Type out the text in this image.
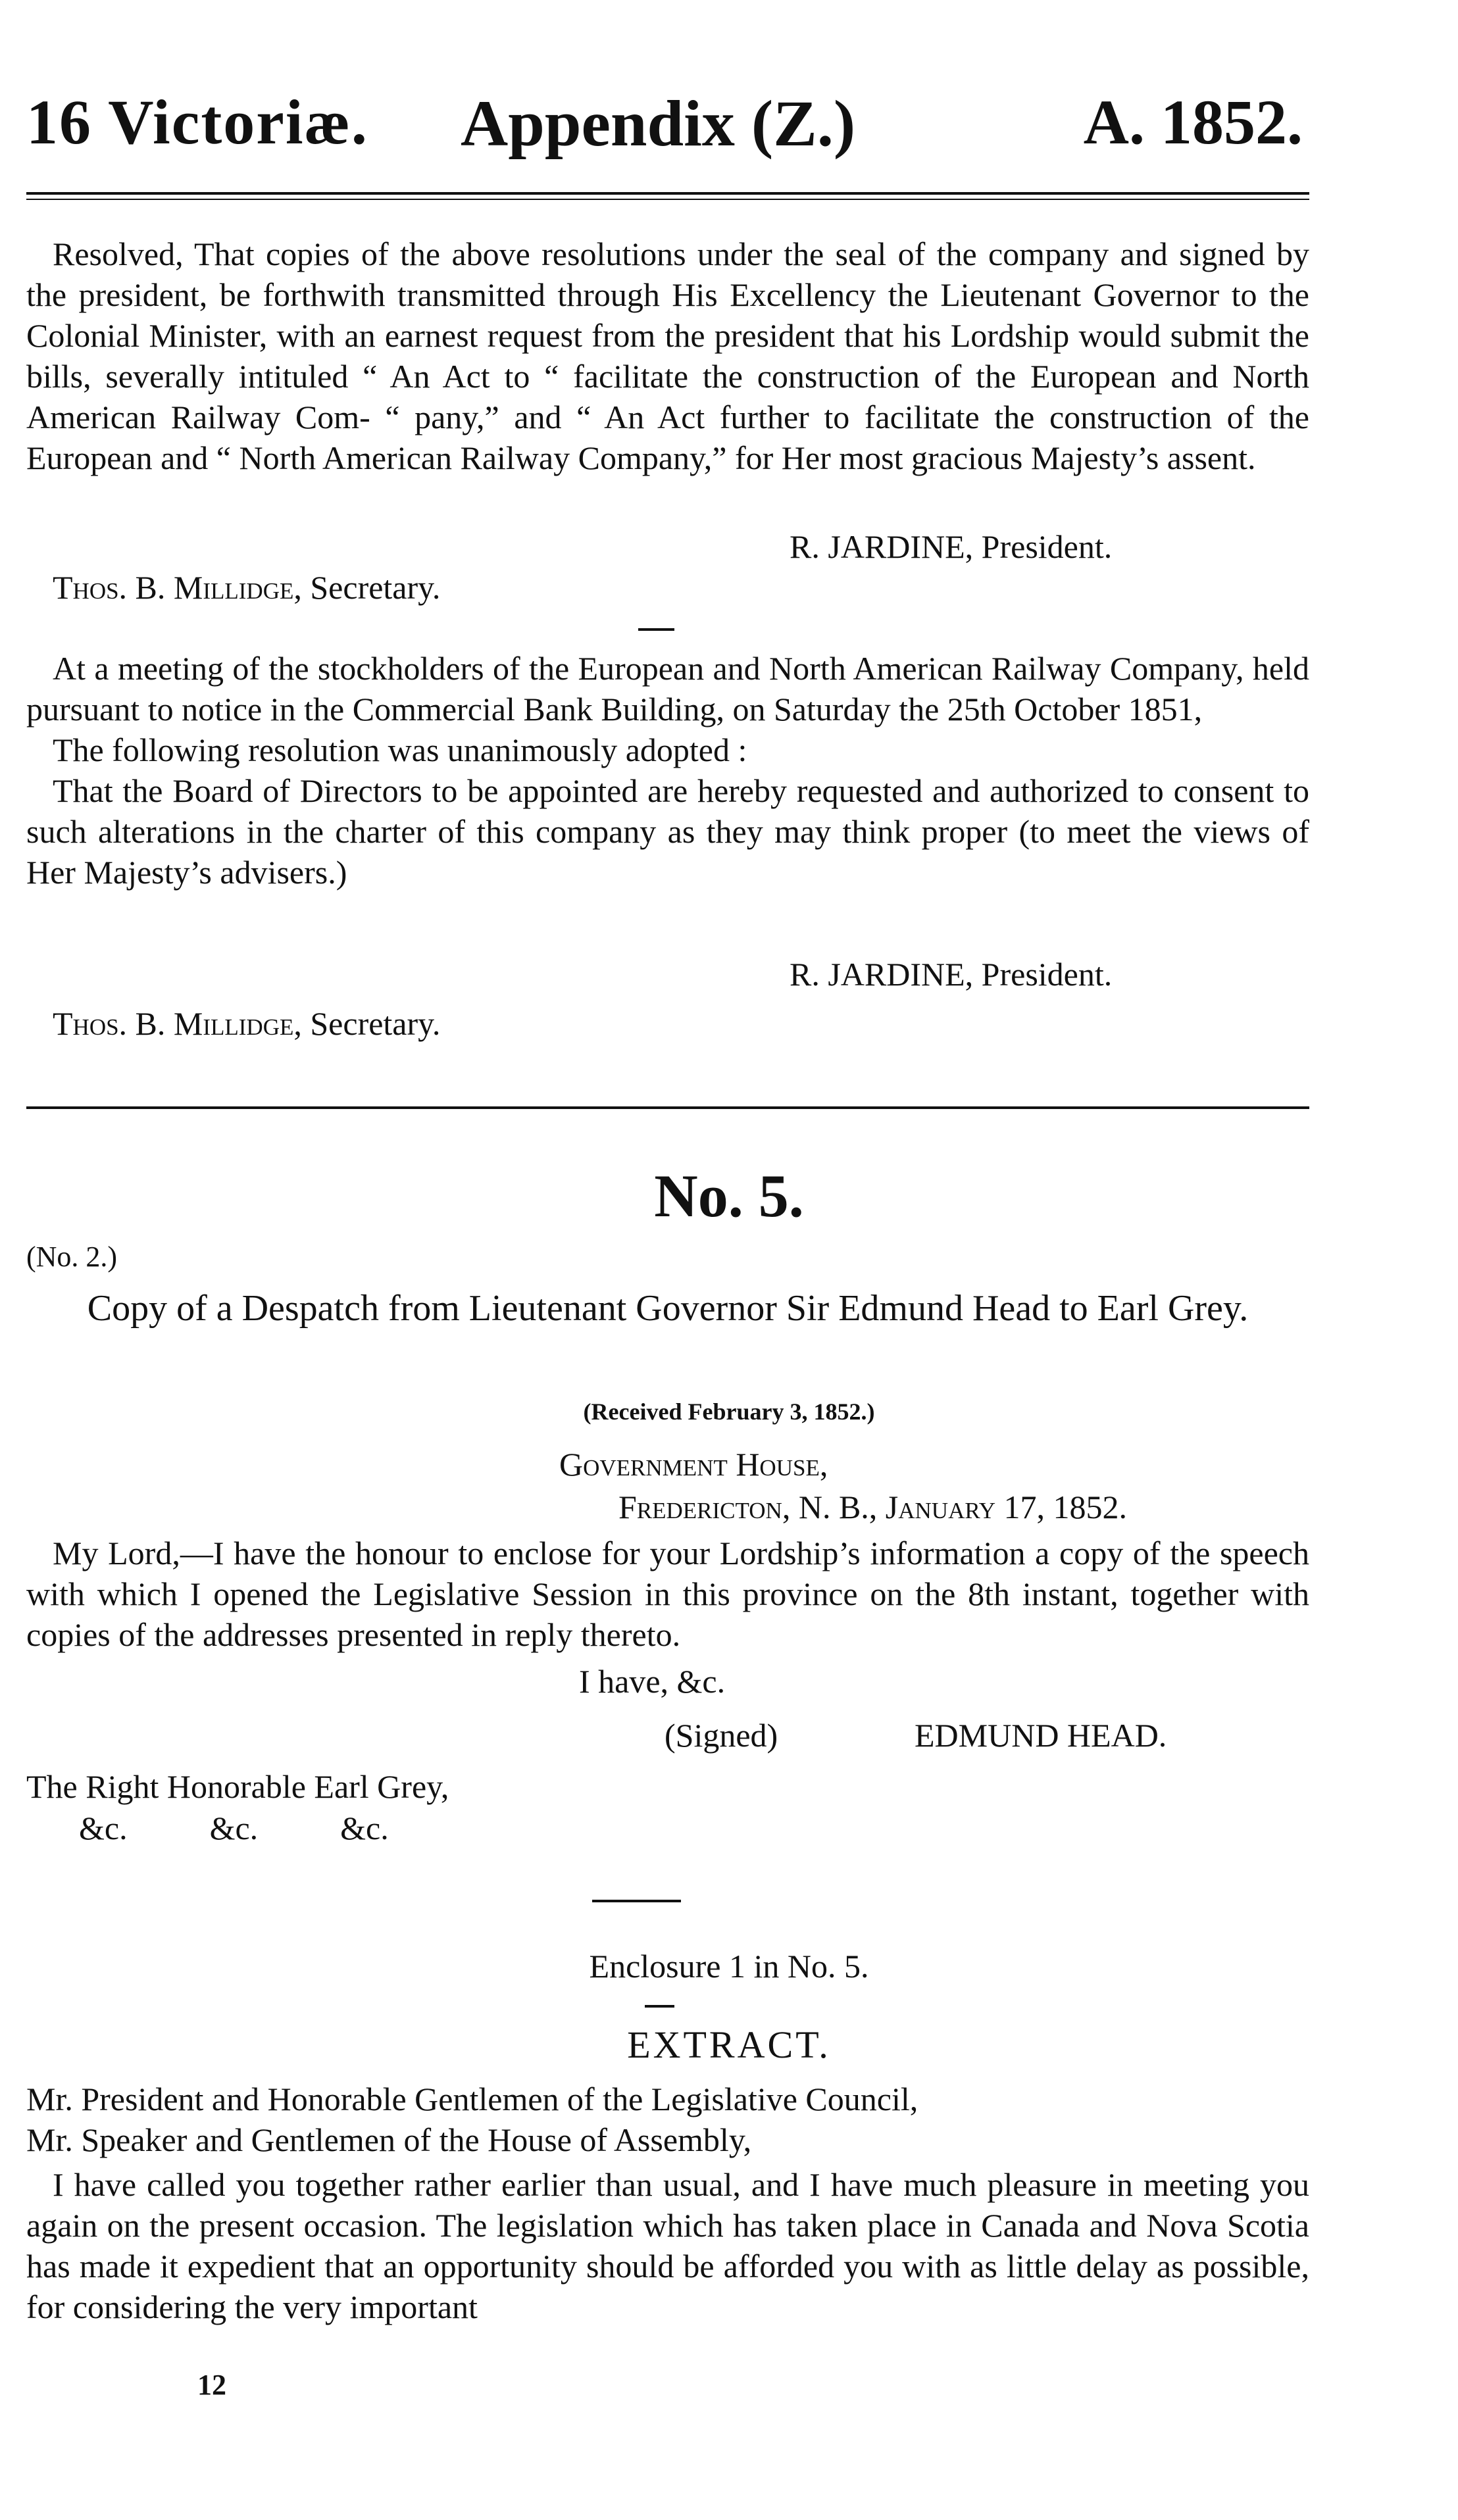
16 Victoriæ. Appendix (Z.)	A. 1852.

Resolved, That copies of the above resolutions under the seal of the company and signed by the president, be forthwith transmitted through His Excellency the Lieutenant Governor to the Colonial Minister, with an earnest request from the president that his Lordship would submit the bills, severally intituled “ An Act to “ facilitate the construction of the European and North American Railway Com- “ pany,” and “ An Act further to facilitate the construction of the European and “ North American Railway Company,” for Her most gracious Majesty’s assent.

R. JARDINE, President.
Thos. B. Millidge, Secretary.

At a meeting of the stockholders of the European and North American Railway Company, held pursuant to notice in the Commercial Bank Building, on Saturday the 25th October 1851,

The following resolution was unanimously adopted :

That the Board of Directors to be appointed are hereby requested and authorized to consent to such alterations in the charter of this company as they may think proper (to meet the views of Her Majesty’s advisers.)

R. JARDINE, President.
Thos. B. Millidge, Secretary.
No. 5.
(No. 2.)
Copy of a Despatch from Lieutenant Governor Sir Edmund Head to Earl Grey.
(Received February 3, 1852.)
Government House,
Fredericton, N. B., January 17, 1852.

My Lord,—I have the honour to enclose for your Lordship’s information a copy of the speech with which I opened the Legislative Session in this province on the 8th instant, together with copies of the addresses presented in reply thereto.

I have, &c.
(Signed)	EDMUND HEAD.
The Right Honorable Earl Grey,
&c.          &c.          &c.
Enclosure 1 in No. 5.
EXTRACT.
Mr. President and Honorable Gentlemen of the Legislative Council,
Mr. Speaker and Gentlemen of the House of Assembly,

I have called you together rather earlier than usual, and I have much pleasure in meeting you again on the present occasion. The legislation which has taken place in Canada and Nova Scotia has made it expedient that an opportunity should be afforded you with as little delay as possible, for considering the very important

12
